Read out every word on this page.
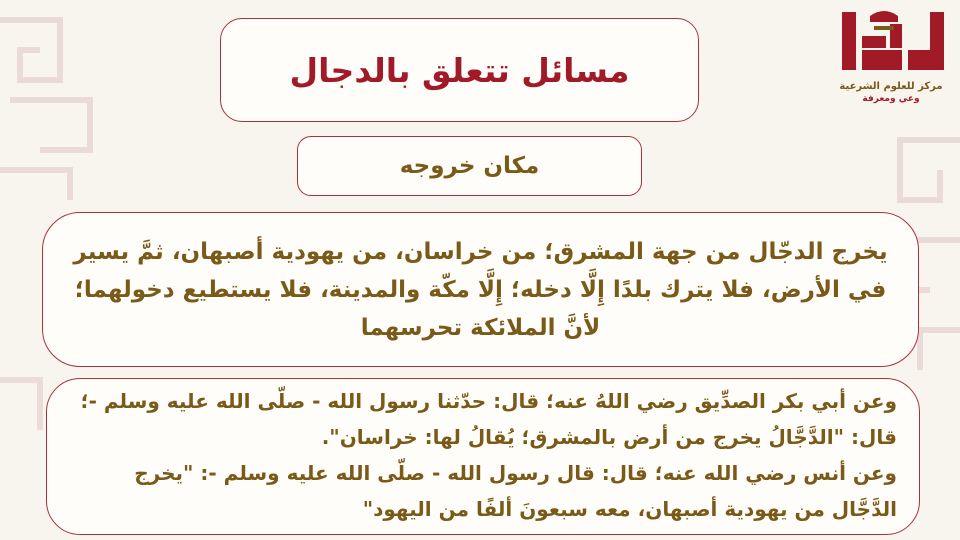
مركز للعلوم الشرعية
وعي ومعرفة
مسائل تتعلق بالدجال
مكان خروجه

يخرج الدجّال من جهة المشرق؛ من خراسان، من يهودية أصبهان، ثمَّ يسير في الأرض، فلا يترك بلدًا إِلَّا دخله؛ إِلَّا مكّة والمدينة، فلا يستطيع دخولهما؛ لأنَّ الملائكة تحرسهما

وعن أبي بكر الصدِّيق رضي اللهُ عنه؛ قال: حدّثنا رسول الله - صلّى الله عليه وسلم -؛ قال: "الدَّجَّالُ يخرج من أرض بالمشرق؛ يُقالُ لها: خراسان".

وعن أنس رضي الله عنه؛ قال: قال رسول الله - صلّى الله عليه وسلم -: "يخرج الدَّجَّال من يهودية أصبهان، معه سبعونَ ألفًا من اليهود"
